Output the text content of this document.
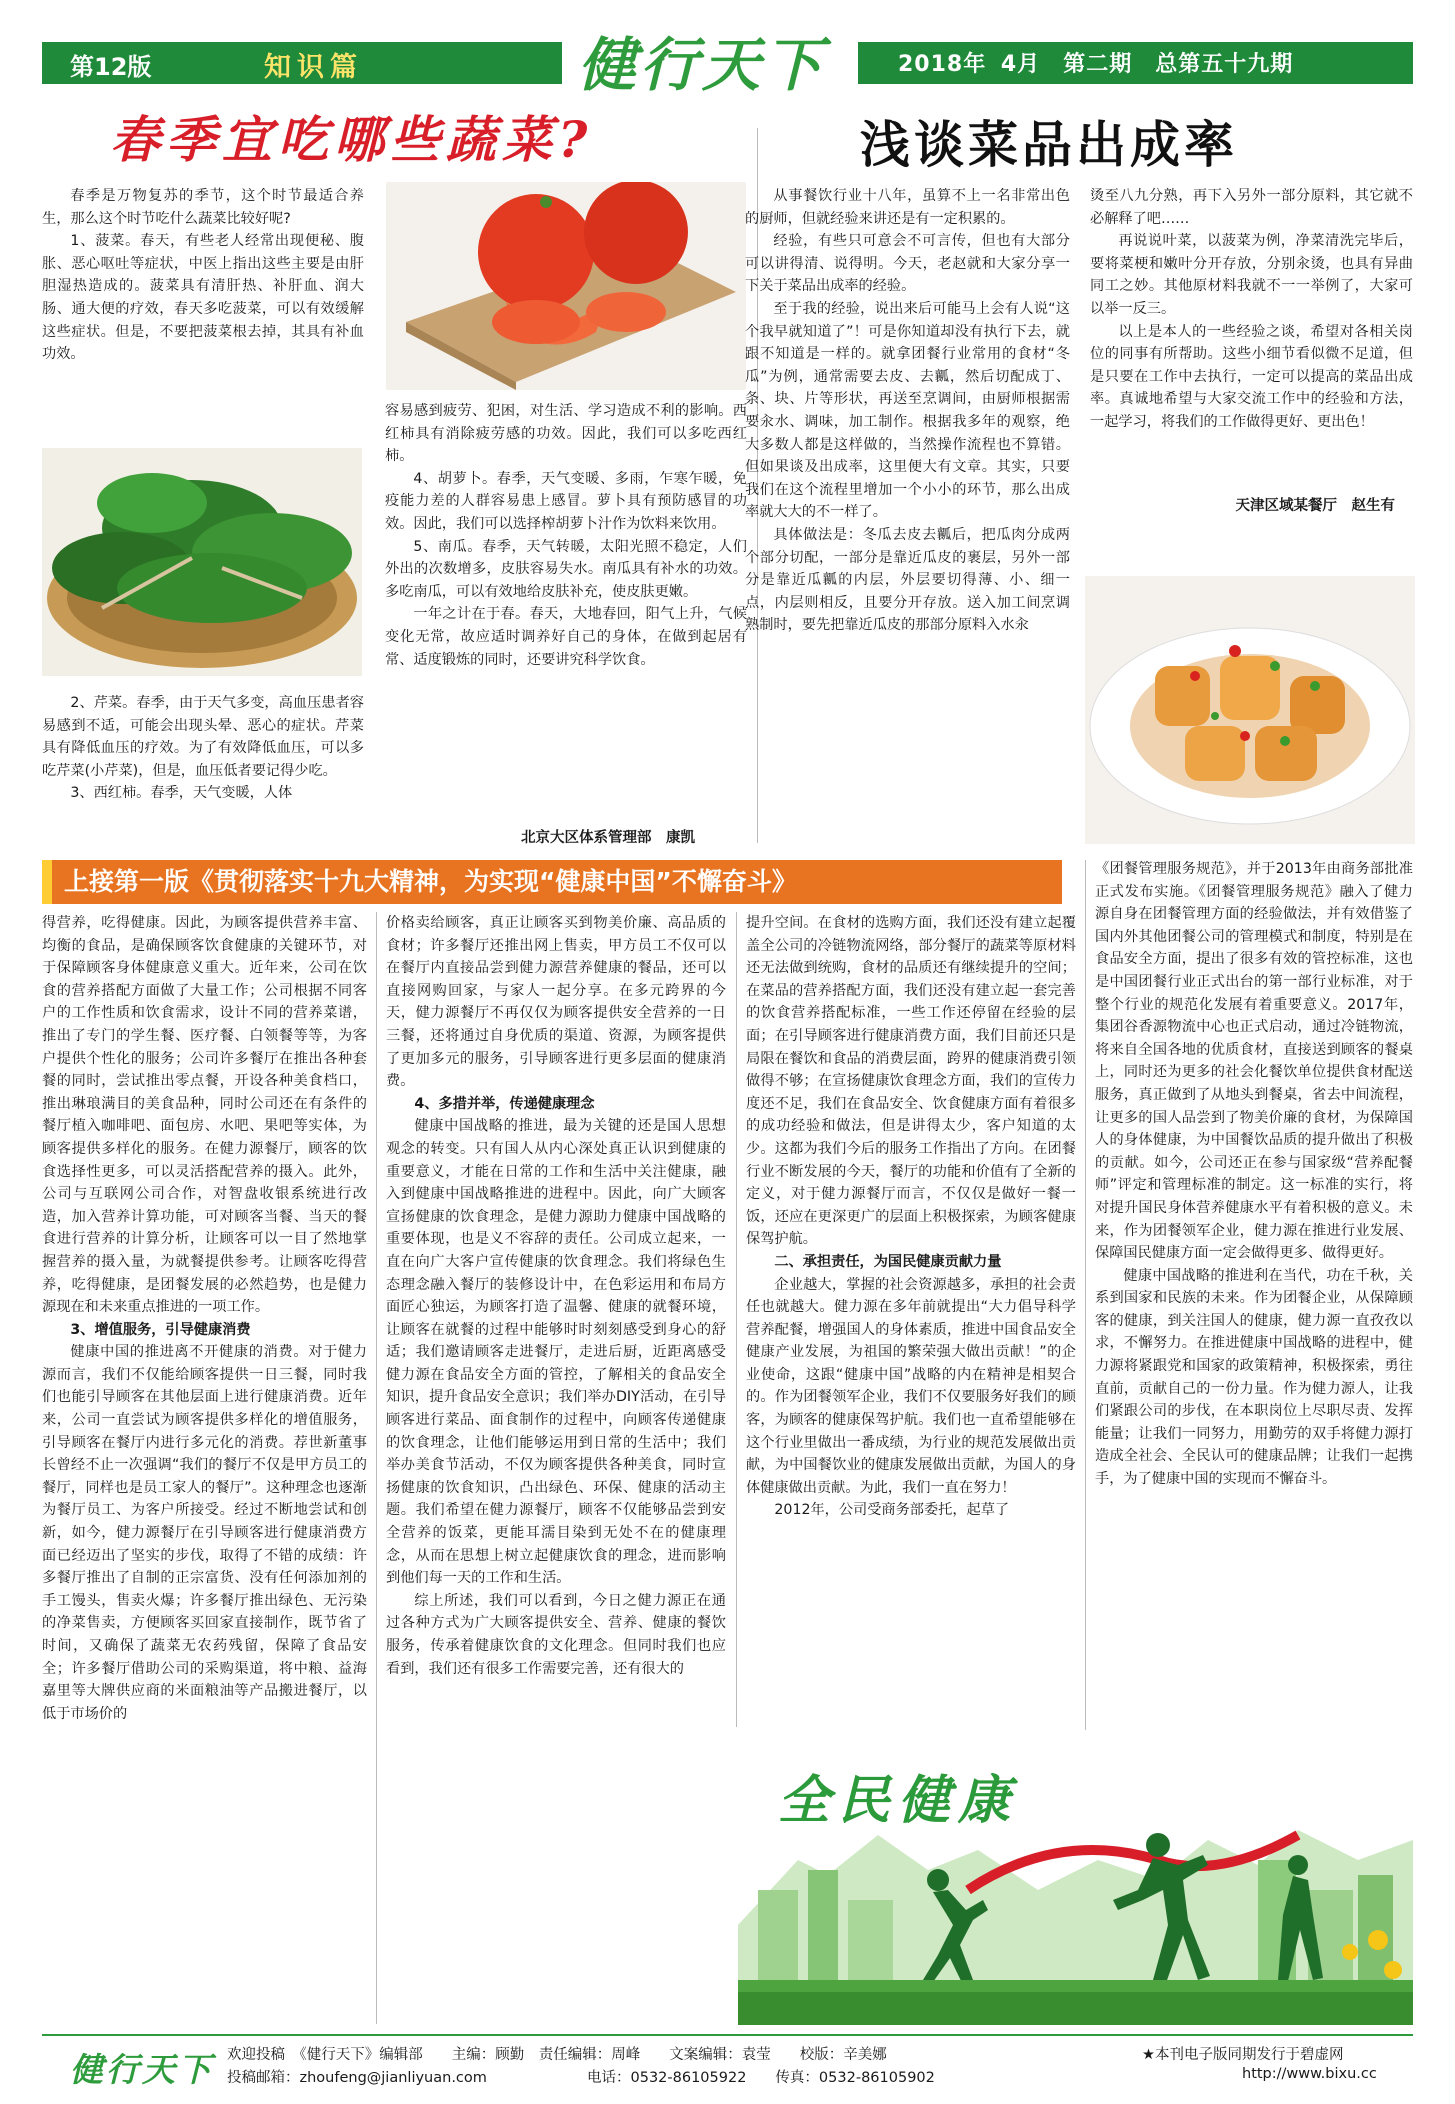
第12版	知识篇	健行天下	2018年 4月　第二期　总第五十九期
春季宜吃哪些蔬菜?

春季是万物复苏的季节，这个时节最适合养生，那么这个时节吃什么蔬菜比较好呢?

1、菠菜。春天，有些老人经常出现便秘、腹胀、恶心呕吐等症状，中医上指出这些主要是由肝胆湿热造成的。菠菜具有清肝热、补肝血、润大肠、通大便的疗效，春天多吃菠菜，可以有效缓解这些症状。但是，不要把菠菜根去掉，其具有补血功效。

2、芹菜。春季，由于天气多变，高血压患者容易感到不适，可能会出现头晕、恶心的症状。芹菜具有降低血压的疗效。为了有效降低血压，可以多吃芹菜(小芹菜)，但是，血压低者要记得少吃。

3、西红柿。春季，天气变暖，人体

容易感到疲劳、犯困，对生活、学习造成不利的影响。西红柿具有消除疲劳感的功效。因此，我们可以多吃西红柿。

4、胡萝卜。春季，天气变暖、多雨，乍寒乍暖，免疫能力差的人群容易患上感冒。萝卜具有预防感冒的功效。因此，我们可以选择榨胡萝卜汁作为饮料来饮用。

5、南瓜。春季，天气转暖，太阳光照不稳定，人们外出的次数增多，皮肤容易失水。南瓜具有补水的功效。多吃南瓜，可以有效地给皮肤补充，使皮肤更嫩。

一年之计在于春。春天，大地春回，阳气上升，气候变化无常，故应适时调养好自己的身体，在做到起居有常、适度锻炼的同时，还要讲究科学饮食。

北京大区体系管理部　康凯
浅谈菜品出成率

从事餐饮行业十八年，虽算不上一名非常出色的厨师，但就经验来讲还是有一定积累的。

经验，有些只可意会不可言传，但也有大部分可以讲得清、说得明。今天，老赵就和大家分享一下关于菜品出成率的经验。

至于我的经验，说出来后可能马上会有人说“这个我早就知道了”！可是你知道却没有执行下去，就跟不知道是一样的。就拿团餐行业常用的食材“冬瓜”为例，通常需要去皮、去瓤，然后切配成丁、条、块、片等形状，再送至烹调间，由厨师根据需要汆水、调味，加工制作。根据我多年的观察，绝大多数人都是这样做的，当然操作流程也不算错。但如果谈及出成率，这里便大有文章。其实，只要我们在这个流程里增加一个小小的环节，那么出成率就大大的不一样了。

具体做法是：冬瓜去皮去瓤后，把瓜肉分成两个部分切配，一部分是靠近瓜皮的裹层，另外一部分是靠近瓜瓤的内层，外层要切得薄、小、细一点，内层则相反，且要分开存放。送入加工间烹调熟制时，要先把靠近瓜皮的那部分原料入水汆

烫至八九分熟，再下入另外一部分原料，其它就不必解释了吧……

再说说叶菜，以菠菜为例，净菜清洗完毕后，要将菜梗和嫩叶分开存放，分别汆烫，也具有异曲同工之妙。其他原材料我就不一一举例了，大家可以举一反三。

以上是本人的一些经验之谈，希望对各相关岗位的同事有所帮助。这些小细节看似微不足道，但是只要在工作中去执行，一定可以提高的菜品出成率。真诚地希望与大家交流工作中的经验和方法，一起学习，将我们的工作做得更好、更出色！

天津区域某餐厅　赵生有
上接第一版《贯彻落实十九大精神，为实现“健康中国”不懈奋斗》

得营养，吃得健康。因此，为顾客提供营养丰富、均衡的食品，是确保顾客饮食健康的关键环节，对于保障顾客身体健康意义重大。近年来，公司在饮食的营养搭配方面做了大量工作；公司根据不同客户的工作性质和饮食需求，设计不同的营养菜谱，推出了专门的学生餐、医疗餐、白领餐等等，为客户提供个性化的服务；公司许多餐厅在推出各种套餐的同时，尝试推出零点餐，开设各种美食档口，推出琳琅满目的美食品种，同时公司还在有条件的餐厅植入咖啡吧、面包房、水吧、果吧等实体，为顾客提供多样化的服务。在健力源餐厅，顾客的饮食选择性更多，可以灵活搭配营养的摄入。此外，公司与互联网公司合作，对智盘收银系统进行改造，加入营养计算功能，可对顾客当餐、当天的餐食进行营养的计算分析，让顾客可以一目了然地掌握营养的摄入量，为就餐提供参考。让顾客吃得营养，吃得健康，是团餐发展的必然趋势，也是健力源现在和未来重点推进的一项工作。

3、增值服务，引导健康消费

健康中国的推进离不开健康的消费。对于健力源而言，我们不仅能给顾客提供一日三餐，同时我们也能引导顾客在其他层面上进行健康消费。近年来，公司一直尝试为顾客提供多样化的增值服务，引导顾客在餐厅内进行多元化的消费。荐世新董事长曾经不止一次强调“我们的餐厅不仅是甲方员工的餐厅，同样也是员工家人的餐厅”。这种理念也逐渐为餐厅员工、为客户所接受。经过不断地尝试和创新，如今，健力源餐厅在引导顾客进行健康消费方面已经迈出了坚实的步伐，取得了不错的成绩：许多餐厅推出了自制的正宗富货、没有任何添加剂的手工馒头，售卖火爆；许多餐厅推出绿色、无污染的净菜售卖，方便顾客买回家直接制作，既节省了时间，又确保了蔬菜无农药残留，保障了食品安全；许多餐厅借助公司的采购渠道，将中粮、益海嘉里等大牌供应商的米面粮油等产品搬进餐厅，以低于市场价的

价格卖给顾客，真正让顾客买到物美价廉、高品质的食材；许多餐厅还推出网上售卖，甲方员工不仅可以在餐厅内直接品尝到健力源营养健康的餐品，还可以直接网购回家，与家人一起分享。在多元跨界的今天，健力源餐厅不再仅仅为顾客提供安全营养的一日三餐，还将通过自身优质的渠道、资源，为顾客提供了更加多元的服务，引导顾客进行更多层面的健康消费。

4、多措并举，传递健康理念

健康中国战略的推进，最为关键的还是国人思想观念的转变。只有国人从内心深处真正认识到健康的重要意义，才能在日常的工作和生活中关注健康，融入到健康中国战略推进的进程中。因此，向广大顾客宣扬健康的饮食理念，是健力源助力健康中国战略的重要体现，也是义不容辞的责任。公司成立起来，一直在向广大客户宣传健康的饮食理念。我们将绿色生态理念融入餐厅的装修设计中，在色彩运用和布局方面匠心独运，为顾客打造了温馨、健康的就餐环境，让顾客在就餐的过程中能够时时刻刻感受到身心的舒适；我们邀请顾客走进餐厅，走进后厨，近距离感受健力源在食品安全方面的管控，了解相关的食品安全知识，提升食品安全意识；我们举办DIY活动，在引导顾客进行菜品、面食制作的过程中，向顾客传递健康的饮食理念，让他们能够运用到日常的生活中；我们举办美食节活动，不仅为顾客提供各种美食，同时宣扬健康的饮食知识，凸出绿色、环保、健康的活动主题。我们希望在健力源餐厅，顾客不仅能够品尝到安全营养的饭菜，更能耳濡目染到无处不在的健康理念，从而在思想上树立起健康饮食的理念，进而影响到他们每一天的工作和生活。

综上所述，我们可以看到，今日之健力源正在通过各种方式为广大顾客提供安全、营养、健康的餐饮服务，传承着健康饮食的文化理念。但同时我们也应看到，我们还有很多工作需要完善，还有很大的

提升空间。在食材的选购方面，我们还没有建立起覆盖全公司的冷链物流网络，部分餐厅的蔬菜等原材料还无法做到统购，食材的品质还有继续提升的空间；在菜品的营养搭配方面，我们还没有建立起一套完善的饮食营养搭配标准，一些工作还停留在经验的层面；在引导顾客进行健康消费方面，我们目前还只是局限在餐饮和食品的消费层面，跨界的健康消费引领做得不够；在宣扬健康饮食理念方面，我们的宣传力度还不足，我们在食品安全、饮食健康方面有着很多的成功经验和做法，但是讲得太少，客户知道的太少。这都为我们今后的服务工作指出了方向。在团餐行业不断发展的今天，餐厅的功能和价值有了全新的定义，对于健力源餐厅而言，不仅仅是做好一餐一饭，还应在更深更广的层面上积极探索，为顾客健康保驾护航。

二、承担责任，为国民健康贡献力量

企业越大，掌握的社会资源越多，承担的社会责任也就越大。健力源在多年前就提出“大力倡导科学营养配餐，增强国人的身体素质，推进中国食品安全健康产业发展，为祖国的繁荣强大做出贡献！”的企业使命，这跟“健康中国”战略的内在精神是相契合的。作为团餐领军企业，我们不仅要服务好我们的顾客，为顾客的健康保驾护航。我们也一直希望能够在这个行业里做出一番成绩，为行业的规范发展做出贡献，为中国餐饮业的健康发展做出贡献，为国人的身体健康做出贡献。为此，我们一直在努力！

2012年，公司受商务部委托，起草了

《团餐管理服务规范》，并于2013年由商务部批准正式发布实施。《团餐管理服务规范》融入了健力源自身在团餐管理方面的经验做法，并有效借鉴了国内外其他团餐公司的管理模式和制度，特别是在食品安全方面，提出了很多有效的管控标准，这也是中国团餐行业正式出台的第一部行业标准，对于整个行业的规范化发展有着重要意义。2017年，集团谷香源物流中心也正式启动，通过冷链物流，将来自全国各地的优质食材，直接送到顾客的餐桌上，同时还为更多的社会化餐饮单位提供食材配送服务，真正做到了从地头到餐桌，省去中间流程，让更多的国人品尝到了物美价廉的食材，为保障国人的身体健康，为中国餐饮品质的提升做出了积极的贡献。如今，公司还正在参与国家级“营养配餐师”评定和管理标准的制定。这一标准的实行，将对提升国民身体营养健康水平有着积极的意义。未来，作为团餐领军企业，健力源在推进行业发展、保障国民健康方面一定会做得更多、做得更好。

健康中国战略的推进利在当代，功在千秋，关系到国家和民族的未来。作为团餐企业，从保障顾客的健康，到关注国人的健康，健力源一直孜孜以求，不懈努力。在推进健康中国战略的进程中，健力源将紧跟党和国家的政策精神，积极探索，勇往直前，贡献自己的一份力量。作为健力源人，让我们紧跟公司的步伐，在本职岗位上尽职尽责、发挥能量；让我们一同努力，用勤劳的双手将健力源打造成全社会、全民认可的健康品牌；让我们一起携手，为了健康中国的实现而不懈奋斗。

全民健康
健行天下 欢迎投稿　《健行天下》编辑部　　主编：顾勤　责任编辑：周峰　　文案编辑：袁莹　　校版：辛美娜	★本刊电子版同期发行于碧虚网
投稿邮箱：zhoufeng@jianliyuan.com	电话：0532-86105922　　传真：0532-86105902	http://www.bixu.cc
